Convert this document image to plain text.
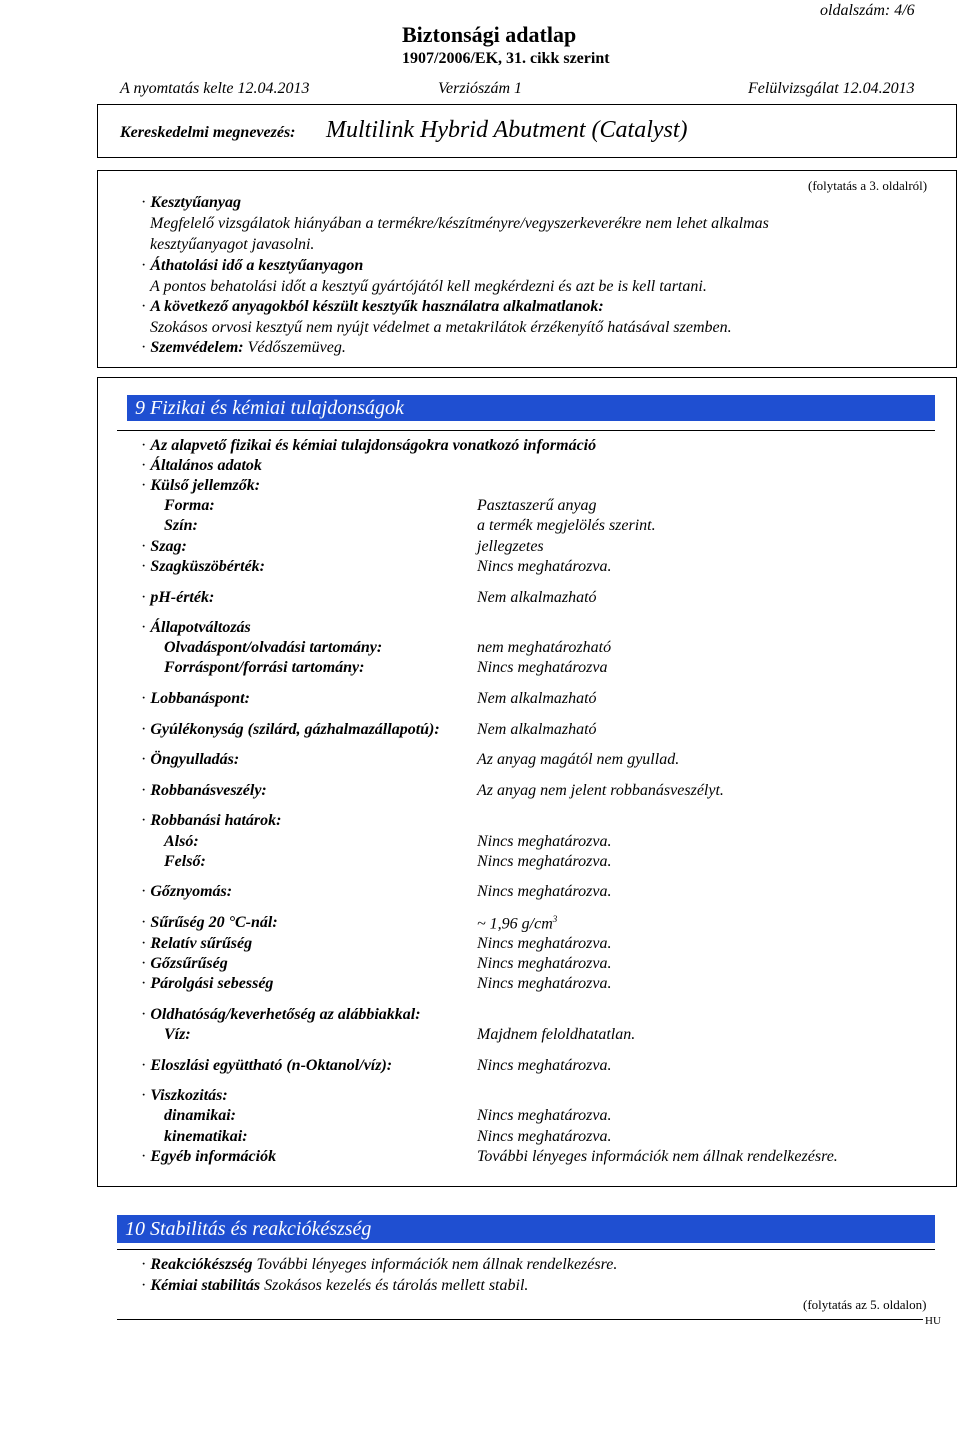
Biztonsági adatlap
1907/2006/EK, 31. cikk szerint
oldalszám: 4/6
A nyomtatás kelte 12.04.2013	Verziószám 1	Felülvizsgálat 12.04.2013
Kereskedelmi megnevezés: Multilink Hybrid Abutment (Catalyst)
(folytatás a 3. oldalról)
· Kesztyűanyag
Megfelelő vizsgálatok hiányában a termékre/készítményre/vegyszerkeverékre nem lehet alkalmas
kesztyűanyagot javasolni.
· Áthatolási idő a kesztyűanyagon
A pontos behatolási időt a kesztyű gyártójától kell megkérdezni és azt be is kell tartani.
· A következő anyagokból készült kesztyűk használatra alkalmatlanok:
Szokásos orvosi kesztyű nem nyújt védelmet a metakrilátok érzékenyítő hatásával szemben.
· Szemvédelem: Védőszemüveg.
9 Fizikai és kémiai tulajdonságok
· Az alapvető fizikai és kémiai tulajdonságokra vonatkozó információ
· Általános adatok
· Külső jellemzők:
Forma:	Pasztaszerű anyag
Szín:	a termék megjelölés szerint.
· Szag:	jellegzetes
· Szagküszöbérték:	Nincs meghatározva.
· pH-érték:	Nem alkalmazható
· Állapotváltozás
Olvadáspont/olvadási tartomány:	nem meghatározható
Forráspont/forrási tartomány:	Nincs meghatározva
· Lobbanáspont:	Nem alkalmazható
· Gyúlékonyság (szilárd, gázhalmazállapotú): Nem alkalmazható
· Öngyulladás:	Az anyag magától nem gyullad.
· Robbanásveszély:	Az anyag nem jelent robbanásveszélyt.
· Robbanási határok:
Alsó:	Nincs meghatározva.
Felső:	Nincs meghatározva.
· Gőznyomás:	Nincs meghatározva.
· Sűrűség 20 °C-nál:	~ 1,96 $g/cm^3$
· Relatív sűrűség	Nincs meghatározva.
· Gőzsűrűség	Nincs meghatározva.
· Párolgási sebesség	Nincs meghatározva.
· Oldhatóság/keverhetőség az alábbiakkal:
Víz:	Majdnem feloldhatatlan.
· Eloszlási együttható (n-Oktanol/víz):	Nincs meghatározva.
· Viszkozitás:
dinamikai:	Nincs meghatározva.
kinematikai:	Nincs meghatározva.
· Egyéb információk	További lényeges információk nem állnak rendelkezésre.
10 Stabilitás és reakciókészség
· Reakciókészség További lényeges információk nem állnak rendelkezésre.
· Kémiai stabilitás Szokásos kezelés és tárolás mellett stabil.
(folytatás az 5. oldalon)
HU
